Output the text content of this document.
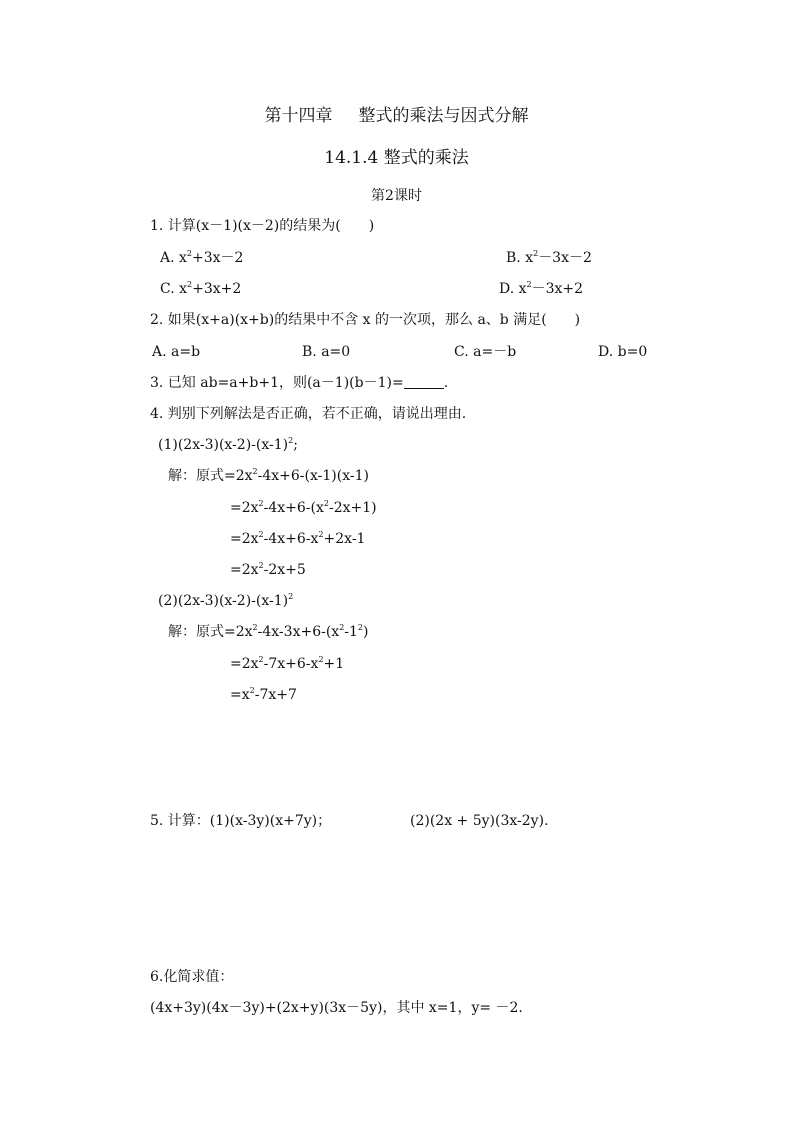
第十四章 整式的乘法与因式分解
14.1.4 整式的乘法
第2课时
1. 计算(x－1)(x－2)的结果为(　　)
A. $x^2+3x-2$	B. $x^2-3x-2$
C. $x^2+3x+2$	D. $x^2-3x+2$
2. 如果(x+a)(x+b)的结果中不含 x 的一次项，那么 a、b 满足(　　)
A. a=b	B. a=0	C. a=－b	D. b=0
3. 已知 ab=a+b+1，则(a－1)(b－1)=	.
4. 判别下列解法是否正确，若不正确，请说出理由.
$(1)(2x-3)(x-2)-(x-1)^2$;
解：原式$=2x^2-4x+6-(x-1)(x-1)$
$=2x^2-4x+6-(x^2-2x+1)$
$=2x^2-4x+6-x^2+2x-1$
$=2x^2-2x+5$
$(2)(2x-3)(x-2)-(x-1)^2$
解：原式$=2x^2-4x-3x+6-(x^2-1^2)$
$=2x^2-7x+6-x^2+1$
$=x^2-7x+7$
5. 计算：(1)(x-3y)(x+7y)；	(2)(2x + 5y)(3x-2y).
6.化简求值：
(4x+3y)(4x－3y)+(2x+y)(3x－5y)，其中 x=1，y= －2.
